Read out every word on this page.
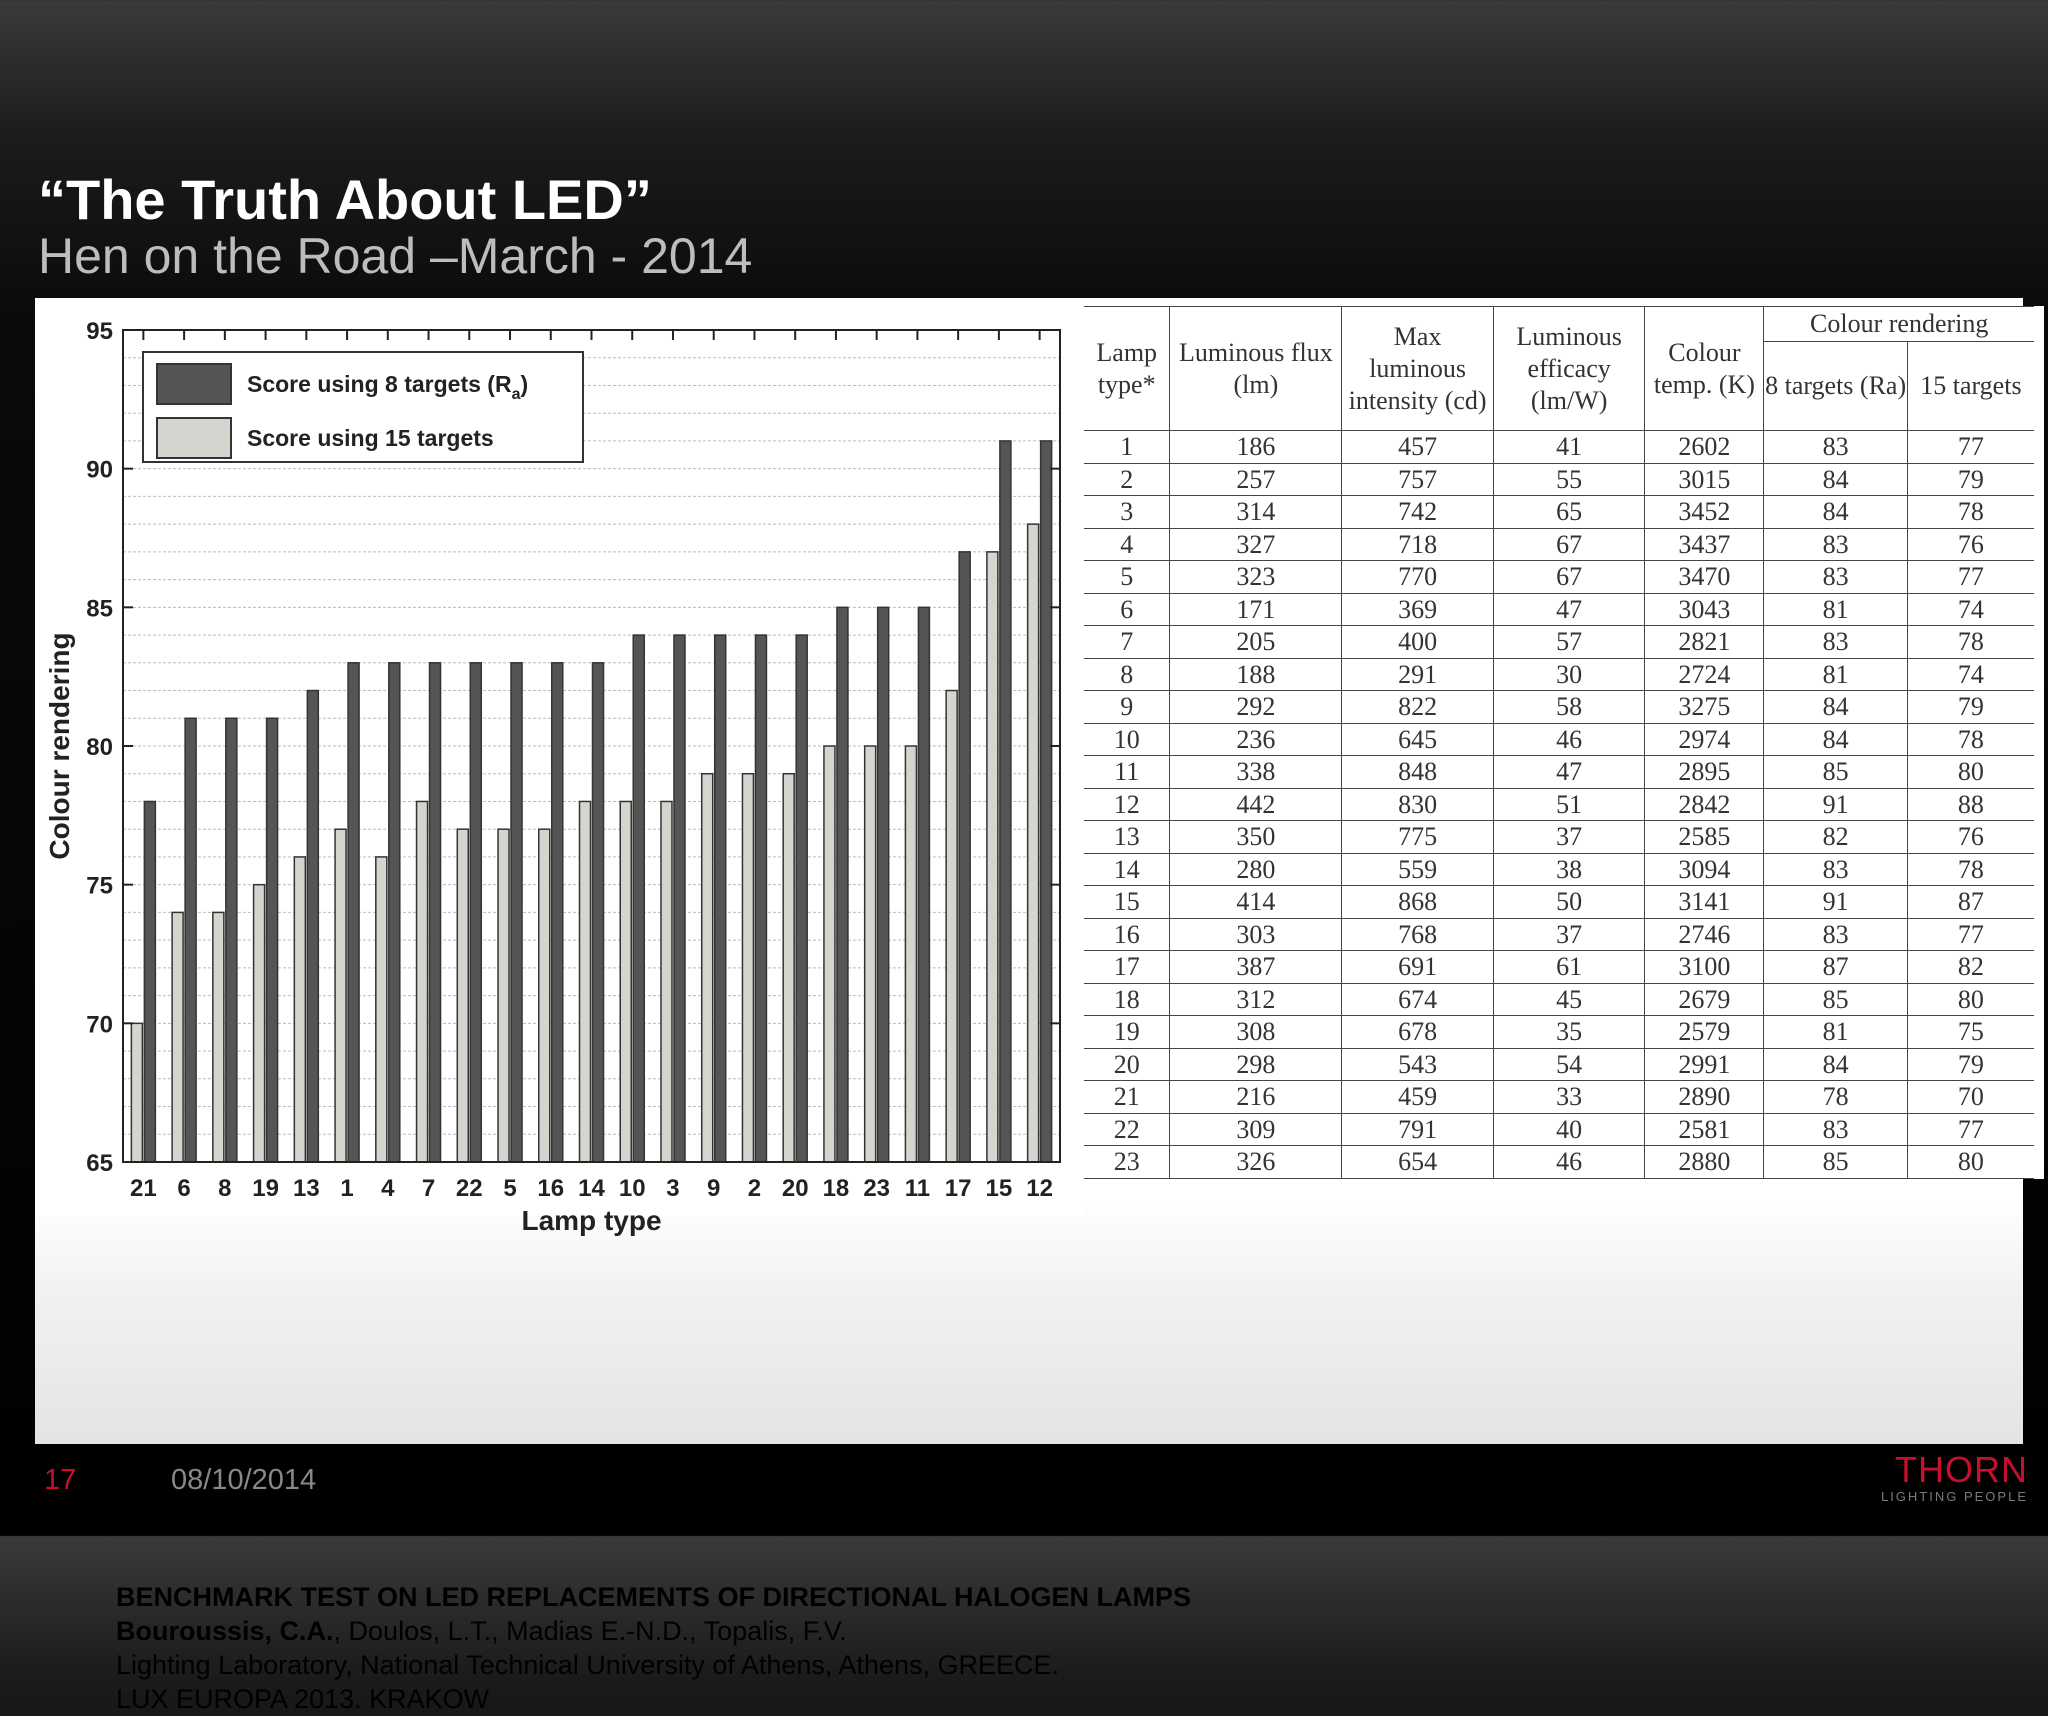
“The Truth About LED”
Hen on the Road –March - 2014
65
70
75
80
85
90
95
21 6 8 19 13 1 4 7 22 5 16 14 10 3 9 2 20 18 23 11 17 15 12
Colour rendering
Lamp type
Score using 8 targets $(R_a)$
Score using 15 targets
Lamp type*	Luminous flux (lm)	Max luminous intensity (cd)	Luminous efficacy (lm/W)	Colour temp. (K)	Colour rendering	
					8 targets (Ra)	15 targets
1	186	457	41	2602	83	77
2	257	757	55	3015	84	79
3	314	742	65	3452	84	78
4	327	718	67	3437	83	76
5	323	770	67	3470	83	77
6	171	369	47	3043	81	74
7	205	400	57	2821	83	78
8	188	291	30	2724	81	74
9	292	822	58	3275	84	79
10	236	645	46	2974	84	78
11	338	848	47	2895	85	80
12	442	830	51	2842	91	88
13	350	775	37	2585	82	76
14	280	559	38	3094	83	78
15	414	868	50	3141	91	87
16	303	768	37	2746	83	77
17	387	691	61	3100	87	82
18	312	674	45	2679	85	80
19	308	678	35	2579	81	75
20	298	543	54	2991	84	79
21	216	459	33	2890	78	70
22	309	791	40	2581	83	77
23	326	654	46	2880	85	80
BENCHMARK TEST ON LED REPLACEMENTS OF DIRECTIONAL HALOGEN LAMPS
Bouroussis, C.A., Doulos, L.T., Madias E.-N.D., Topalis, F.V.
Lighting Laboratory, National Technical University of Athens, Athens, GREECE.
LUX EUROPA 2013. KRAKOW
17	08/10/2014	THORN
LIGHTING PEOPLE
